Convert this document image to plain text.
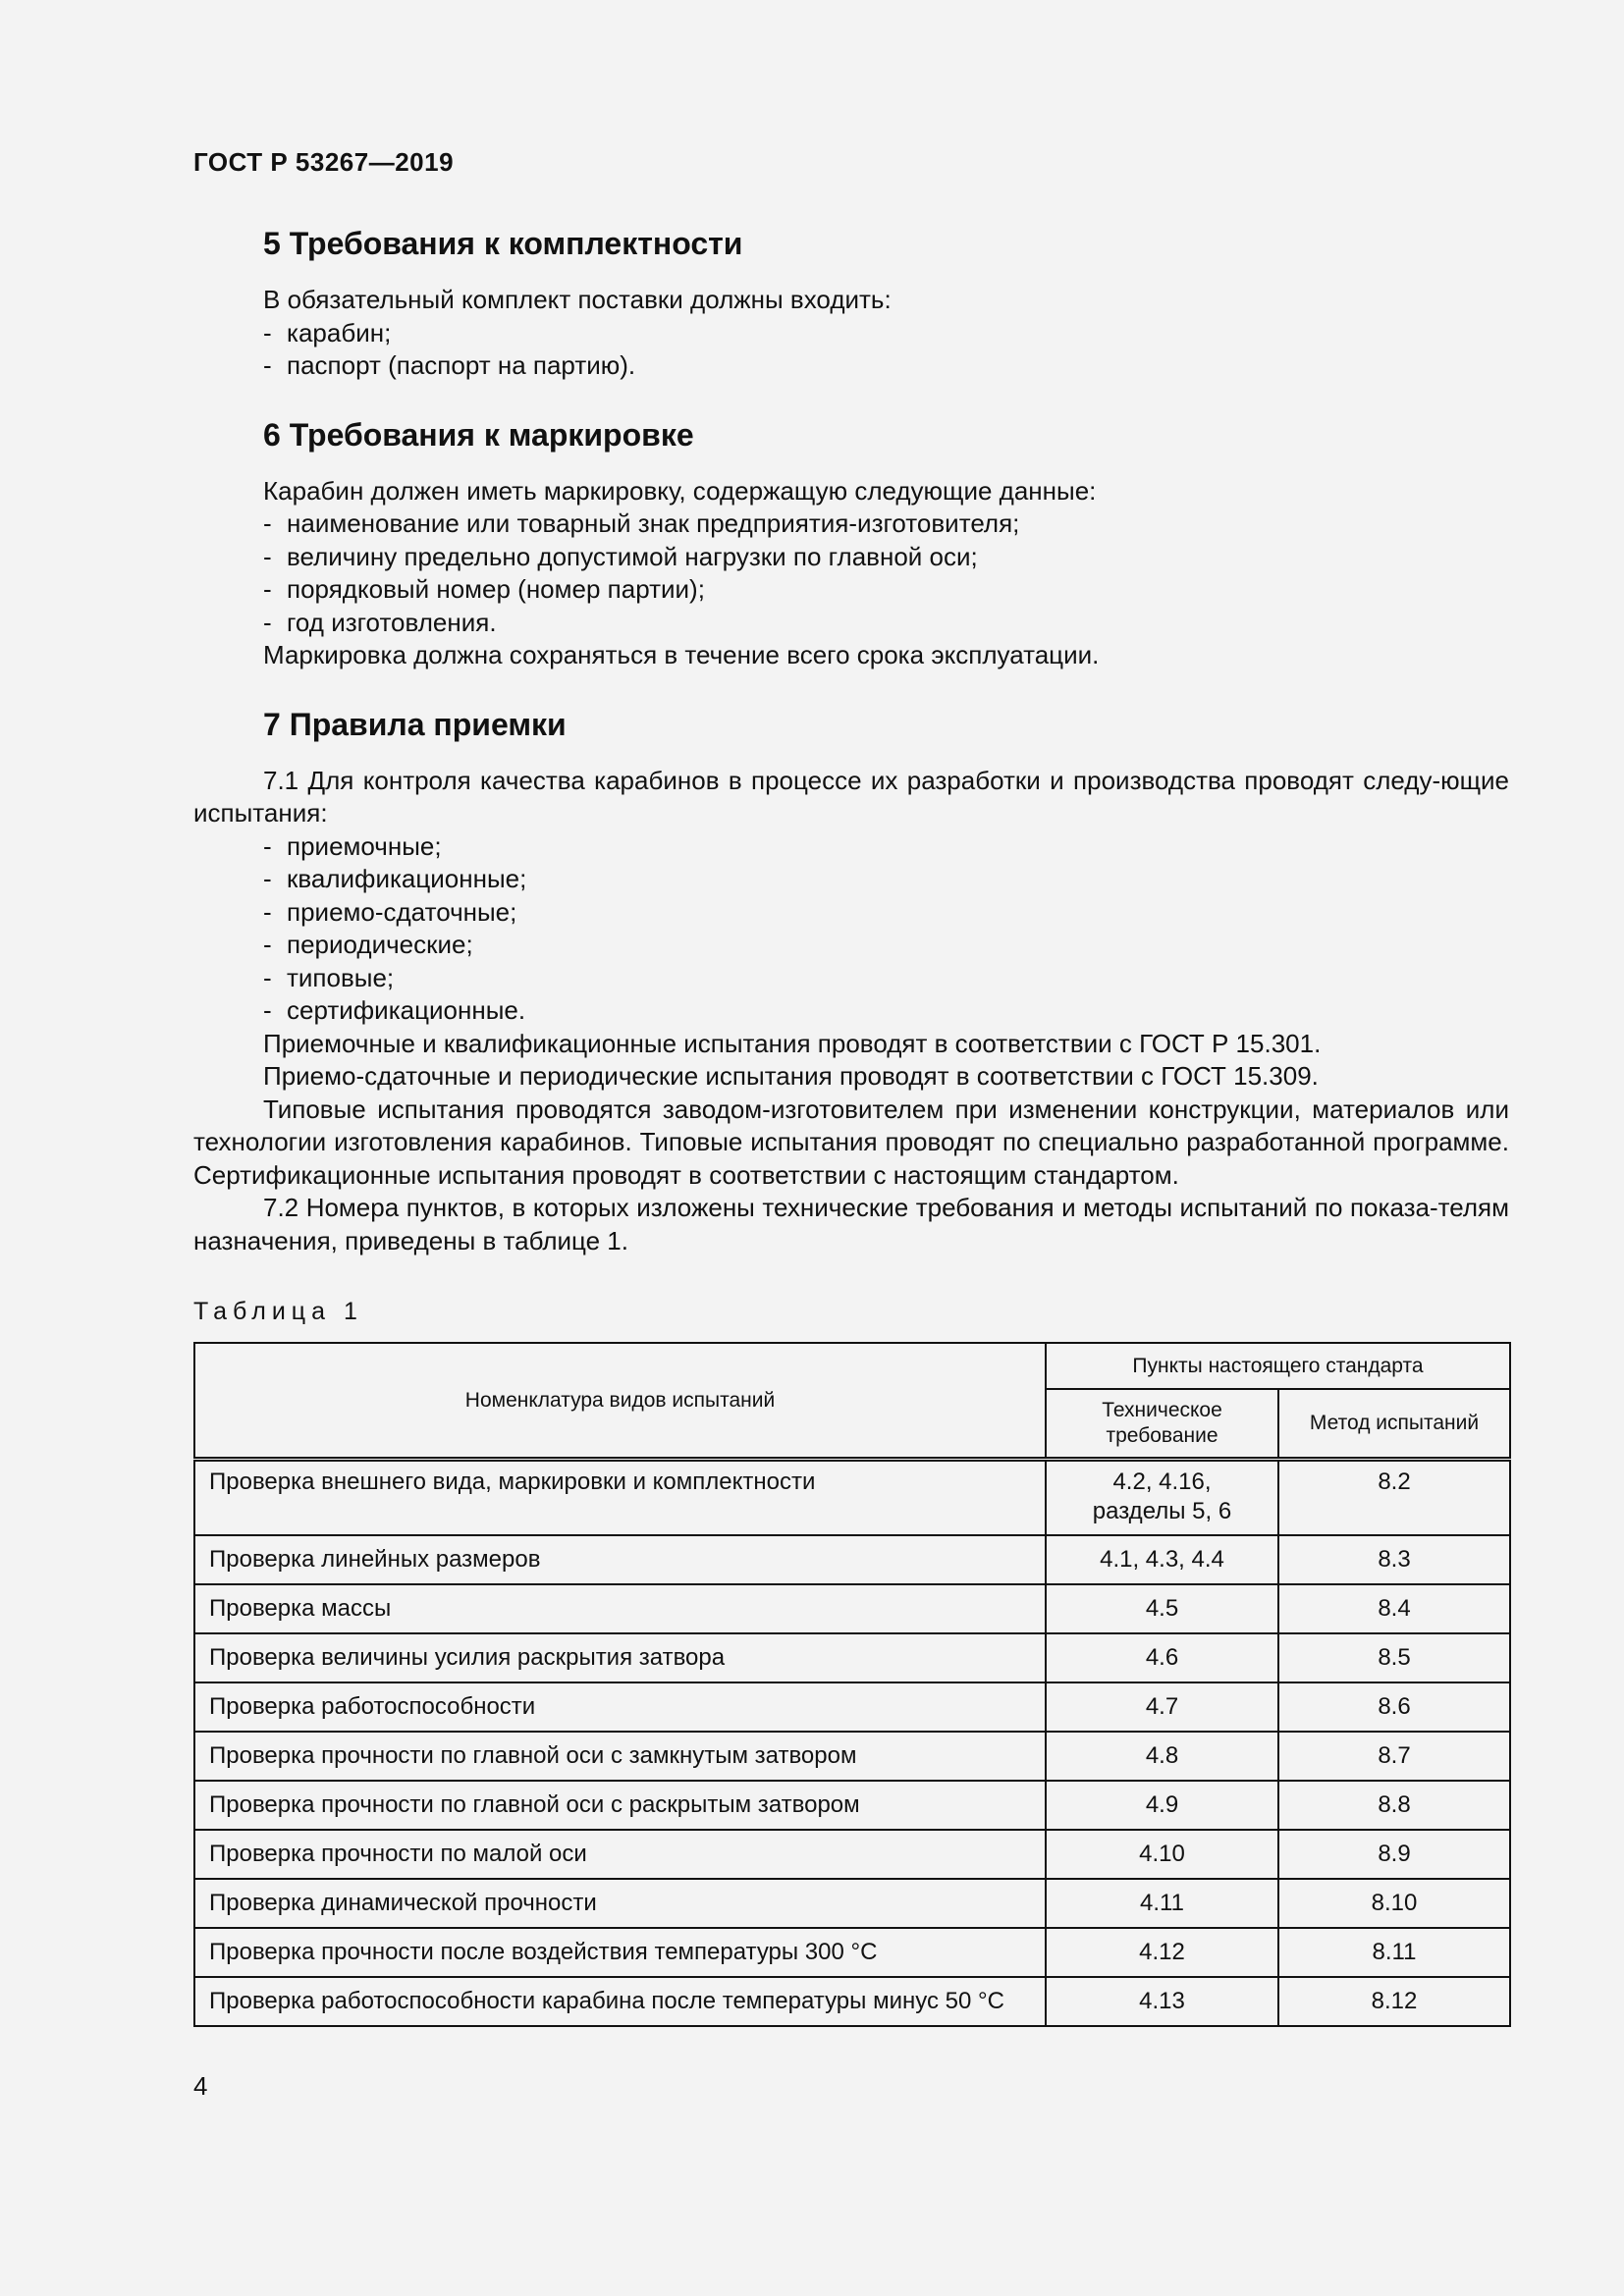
ГОСТ Р 53267—2019
5 Требования к комплектности

В обязательный комплект поставки должны входить:

- карабин;
- паспорт (паспорт на партию).
6 Требования к маркировке

Карабин должен иметь маркировку, содержащую следующие данные:

- наименование или товарный знак предприятия-изготовителя;
- величину предельно допустимой нагрузки по главной оси;
- порядковый номер (номер партии);
- год изготовления.

Маркировка должна сохраняться в течение всего срока эксплуатации.

7 Правила приемки

7.1 Для контроля качества карабинов в процессе их разработки и производства проводят следу-ющие испытания:

- приемочные;
- квалификационные;
- приемо-сдаточные;
- периодические;
- типовые;
- сертификационные.

Приемочные и квалификационные испытания проводят в соответствии с ГОСТ Р 15.301.

Приемо-сдаточные и периодические испытания проводят в соответствии с ГОСТ 15.309.

Типовые испытания проводятся заводом-изготовителем при изменении конструкции, материалов или технологии изготовления карабинов. Типовые испытания проводят по специально разработанной программе. Сертификационные испытания проводят в соответствии с настоящим стандартом.

7.2 Номера пунктов, в которых изложены технические требования и методы испытаний по показа-телям назначения, приведены в таблице 1.

Таблица 1
Номенклатура видов испытаний	Пункты настоящего стандарта	

	Техническое требование	Метод испытаний
Проверка внешнего вида, маркировки и комплектности	4.2, 4.16, разделы 5, 6	8.2
Проверка линейных размеров	4.1, 4.3, 4.4	8.3
Проверка массы	4.5	8.4
Проверка величины усилия раскрытия затвора	4.6	8.5
Проверка работоспособности	4.7	8.6
Проверка прочности по главной оси с замкнутым затвором	4.8	8.7
Проверка прочности по главной оси с раскрытым затвором	4.9	8.8
Проверка прочности по малой оси	4.10	8.9
Проверка динамической прочности	4.11	8.10
Проверка прочности после воздействия температуры 300 °С	4.12	8.11
Проверка работоспособности карабина после температуры минус 50 °С	4.13	8.12
4
